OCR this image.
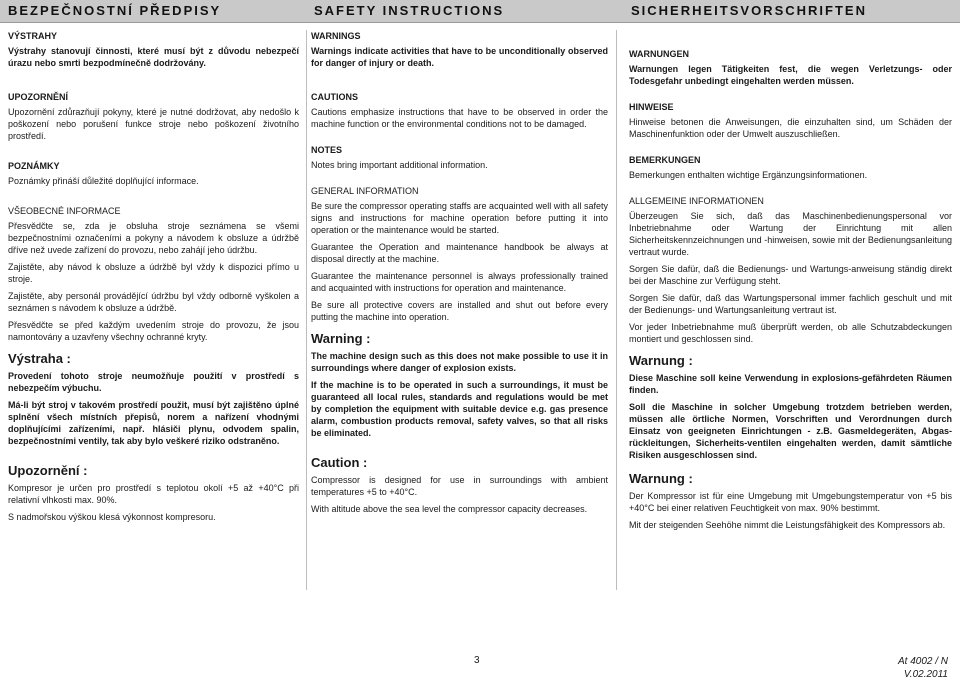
BEZPEČNOSTNÍ PŘEDPISY	SAFETY INSTRUCTIONS	SICHERHEITSVORSCHRIFTEN
VÝSTRAHY

Výstrahy stanovují činnosti, které musí být z důvodu nebezpečí úrazu nebo smrti bezpodmínečně dodržovány.

UPOZORNĚNÍ

Upozornění zdůrazňují pokyny, které je nutné dodržovat, aby nedošlo k poškození nebo porušení funkce stroje nebo poškození životního prostředí.

POZNÁMKY

Poznámky přináší důležité doplňující informace.

VŠEOBECNÉ INFORMACE

Přesvědčte se, zda je obsluha stroje seznámena se všemi bezpečnostními označeními a pokyny a návodem k obsluze a údržbě dříve než uvede zařízení do provozu, nebo zahájí jeho údržbu.

Zajistěte, aby návod k obsluze a údržbě byl vždy k dispozici přímo u stroje.

Zajistěte, aby personál provádějící údržbu byl vždy odborně vyškolen a seznámen s návodem k obsluze a údržbě.

Přesvědčte se před každým uvedením stroje do provozu, že jsou namontovány a uzavřeny všechny ochranné kryty.

Výstraha :

Provedení tohoto stroje neumožňuje použití v prostředí s nebezpečím výbuchu.

Má-li být stroj v takovém prostředí použit, musí být zajištěno úplné splnění všech místních přepisů, norem a nařízení vhodnými doplňujícími zařízeními, např. hlásiči plynu, odvodem spalin, bezpečnostními ventily, tak aby bylo veškeré riziko odstraněno.

Upozornění :

Kompresor je určen pro prostředí s teplotou okolí +5 až +40°C při relativní vlhkosti max. 90%.

S nadmořskou výškou klesá výkonnost kompresoru.

WARNINGS

Warnings indicate activities that have to be unconditionally observed for danger of injury or death.

CAUTIONS

Cautions emphasize instructions that have to be observed in order the machine function or the environmental conditions not to be damaged.

NOTES

Notes bring important additional information.

GENERAL INFORMATION

Be sure the compressor operating staffs are acquainted well with all safety signs and instructions for machine operation before putting it into operation or the maintenance would be started.

Guarantee the Operation and maintenance handbook be always at disposal directly at the machine.

Guarantee the maintenance personnel is always professionally trained and acquainted with instructions for operation and maintenance.

Be sure all protective covers are installed and shut out before every putting the machine into operation.

Warning :

The machine design such as this does not make possible to use it in surroundings where danger of explosion exists.

If the machine is to be operated in such a surroundings, it must be guaranteed all local rules, standards and regulations would be met by completion the equipment with suitable device e.g. gas presence alarm, combustion products removal, safety valves, so that all risks be eliminated.

Caution :

Compressor is designed for use in surroundings with ambient temperatures +5 to +40°C.

With altitude above the sea level the compressor capacity decreases.

WARNUNGEN

Warnungen legen Tätigkeiten fest, die wegen Verletzungs- oder Todesgefahr unbedingt eingehalten werden müssen.

HINWEISE

Hinweise betonen die Anweisungen, die einzuhalten sind, um Schäden der Maschinenfunktion oder der Umwelt auszuschließen.

BEMERKUNGEN

Bemerkungen enthalten wichtige Ergänzungsinformationen.

ALLGEMEINE INFORMATIONEN

Überzeugen Sie sich, daß das Maschinenbedienungspersonal vor Inbetriebnahme oder Wartung der Einrichtung mit allen Sicherheitskennzeichnungen und -hinweisen, sowie mit der Bedienungsanleitung vertraut wurde.

Sorgen Sie dafür, daß die Bedienungs- und Wartungs-anweisung ständig direkt bei der Maschine zur Verfügung steht.

Sorgen Sie dafür, daß das Wartungspersonal immer fachlich geschult und mit der Bedienungs- und Wartungsanleitung vertraut ist.

Vor jeder Inbetriebnahme muß überprüft werden, ob alle Schutzabdeckungen montiert und geschlossen sind.

Warnung :

Diese Maschine soll keine Verwendung in explosions-gefährdeten Räumen finden.

Soll die Maschine in solcher Umgebung trotzdem betrieben werden, müssen alle örtliche Normen, Vorschriften und Verordnungen durch Einsatz von geeigneten Einrichtungen - z.B. Gasmeldegeräten, Abgas-rückleitungen, Sicherheits-ventilen eingehalten werden, damit sämtliche Risiken ausgeschlossen sind.

Warnung :

Der Kompressor ist für eine Umgebung mit Umgebungstemperatur von +5 bis +40°C bei einer relativen Feuchtigkeit von max. 90% bestimmt.

Mit der steigenden Seehöhe nimmt die Leistungsfähigkeit des Kompressors ab.

3	At 4002 / N
V.02.2011
